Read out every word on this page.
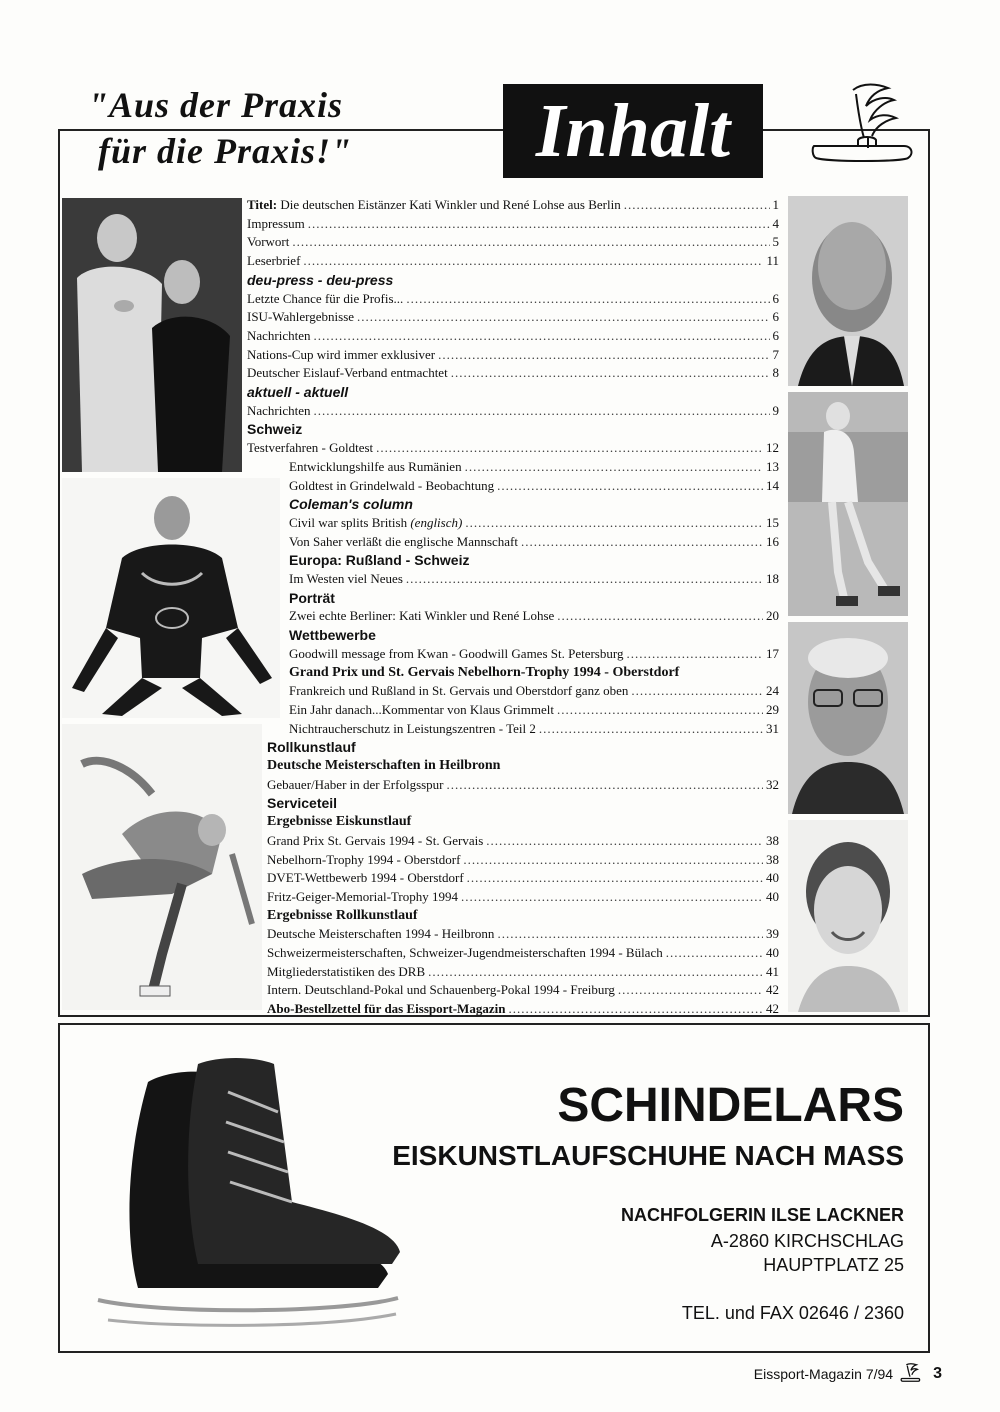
"Aus der Praxis
für die Praxis!"	Inhalt
Titel: Die deutschen Eistänzer Kati Winkler und René Lohse aus Berlin .....	1
Impressum .....	4
Vorwort .....	5
Leserbrief .....	11
deu-press - deu-press
Letzte Chance für die Profis... .....	6
ISU-Wahlergebnisse .....	6
Nachrichten .....	6
Nations-Cup wird immer exklusiver .....	7
Deutscher Eislauf-Verband entmachtet .....	8
aktuell - aktuell
Nachrichten .....	9
Schweiz
Testverfahren - Goldtest .....	12
Entwicklungshilfe aus Rumänien .....	13
Goldtest in Grindelwald - Beobachtung .....	14
Coleman's column
Civil war splits British (englisch) .....	15
Von Saher verläßt die englische Mannschaft .....	16
Europa: Rußland - Schweiz
Im Westen viel Neues .....	18
Porträt
Zwei echte Berliner: Kati Winkler und René Lohse .....	20
Wettbewerbe
Goodwill message from Kwan - Goodwill Games St. Petersburg .....	17
Grand Prix und St. Gervais Nebelhorn-Trophy 1994 - Oberstdorf
Frankreich und Rußland in St. Gervais und Oberstdorf ganz oben .....	24
Ein Jahr danach...Kommentar von Klaus Grimmelt .....	29
Nichtraucherschutz in Leistungszentren - Teil 2 .....	31
Rollkunstlauf
Deutsche Meisterschaften in Heilbronn
Gebauer/Haber in der Erfolgsspur .....	32
Serviceteil
Ergebnisse Eiskunstlauf
Grand Prix St. Gervais 1994 - St. Gervais .....	38
Nebelhorn-Trophy 1994 - Oberstdorf .....	38
DVET-Wettbewerb 1994 - Oberstdorf .....	40
Fritz-Geiger-Memorial-Trophy 1994 .....	40
Ergebnisse Rollkunstlauf
Deutsche Meisterschaften 1994 - Heilbronn .....	39
Schweizermeisterschaften, Schweizer-Jugendmeisterschaften 1994 - Bülach .....	40
Mitgliederstatistiken des DRB .....	41
Intern. Deutschland-Pokal und Schauenberg-Pokal 1994 - Freiburg .....	42
Abo-Bestellzettel für das Eissport-Magazin .....	42
SCHINDELARS
EISKUNSTLAUFSCHUHE NACH MASS
NACHFOLGERIN ILSE LACKNER
A-2860 KIRCHSCHLAG
HAUPTPLATZ 25
TEL. und FAX 02646 / 2360
Eissport-Magazin 7/94	3
